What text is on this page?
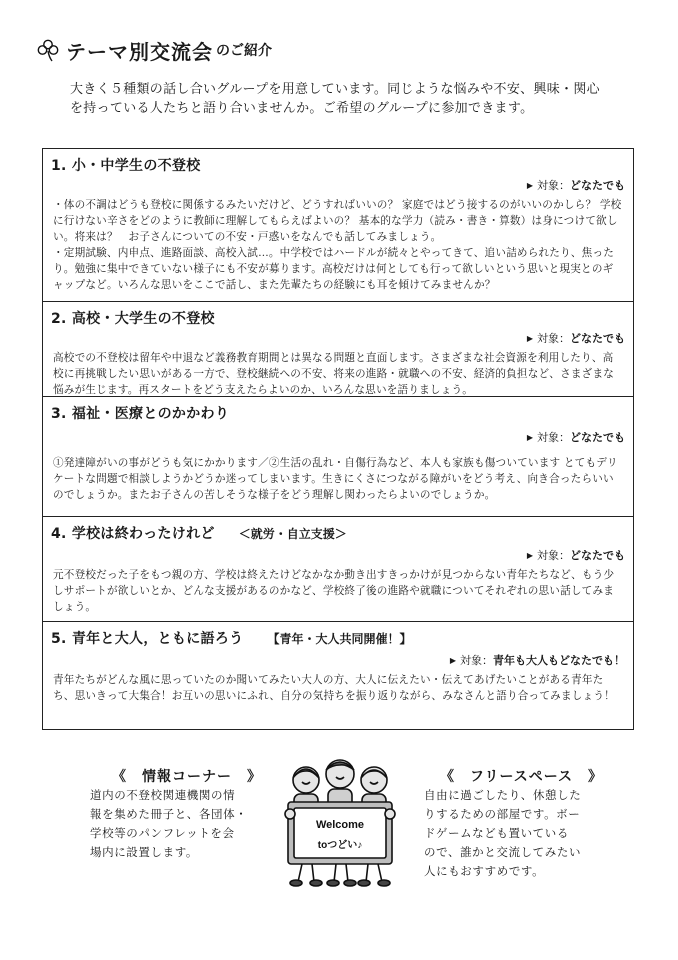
テーマ別交流会 のご紹介
大きく５種類の話し合いグループを用意しています。同じような悩みや不安、興味・関心
を持っている人たちと語り合いませんか。ご希望のグループに参加できます。
1. 小・中学生の不登校
▶ 対象：どなたでも
・体の不調はどうも登校に関係するみたいだけど、どうすればいいの？ 家庭ではどう接するのがいいのかしら？ 学校に行けない辛さをどのように教師に理解してもらえばよいの？ 基本的な学力（読み・書き・算数）は身につけて欲しい。将来は？　お子さんについての不安・戸惑いをなんでも話してみましょう。
・定期試験、内申点、進路面談、高校入試…。中学校ではハードルが続々とやってきて、追い詰められたり、焦ったり。勉強に集中できていない様子にも不安が募ります。高校だけは何としても行って欲しいという思いと現実とのギャップなど。いろんな思いをここで話し、また先輩たちの経験にも耳を傾けてみませんか？
2. 高校・大学生の不登校
▶ 対象：どなたでも
高校での不登校は留年や中退など義務教育期間とは異なる問題と直面します。さまざまな社会資源を利用したり、高校に再挑戦したい思いがある一方で、登校継続への不安、将来の進路・就職への不安、経済的負担など、さまざまな悩みが生じます。再スタートをどう支えたらよいのか、いろんな思いを語りましょう。
3. 福祉・医療とのかかわり
▶ 対象：どなたでも
①発達障がいの事がどうも気にかかります／②生活の乱れ・自傷行為など、本人も家族も傷ついています とてもデリケートな問題で相談しようかどうか迷ってしまいます。生きにくさにつながる障がいをどう考え、向き合ったらいいのでしょうか。またお子さんの苦しそうな様子をどう理解し関わったらよいのでしょうか。
4. 学校は終わったけれど ＜就労・自立支援＞
▶ 対象：どなたでも
元不登校だった子をもつ親の方、学校は終えたけどなかなか動き出すきっかけが見つからない青年たちなど、もう少しサポートが欲しいとか、どんな支援があるのかなど、学校終了後の進路や就職についてそれぞれの思い話してみましょう。
5. 青年と大人，ともに語ろう 【青年・大人共同開催！】
▶ 対象：青年も大人もどなたでも！
青年たちがどんな風に思っていたのか聞いてみたい大人の方、大人に伝えたい・伝えてあげたいことがある青年たち、思いきって大集合！お互いの思いにふれ、自分の気持ちを振り返りながら、みなさんと語り合ってみましょう！
《　情報コーナー　》
道内の不登校関連機関の情
報を集めた冊子と、各団体・
学校等のパンフレットを会
場内に設置します。
Welcome
toつどい♪
《　フリースペース　》
自由に過ごしたり、休憩した
りするための部屋です。ボー
ドゲームなども置いている
ので、誰かと交流してみたい
人にもおすすめです。
